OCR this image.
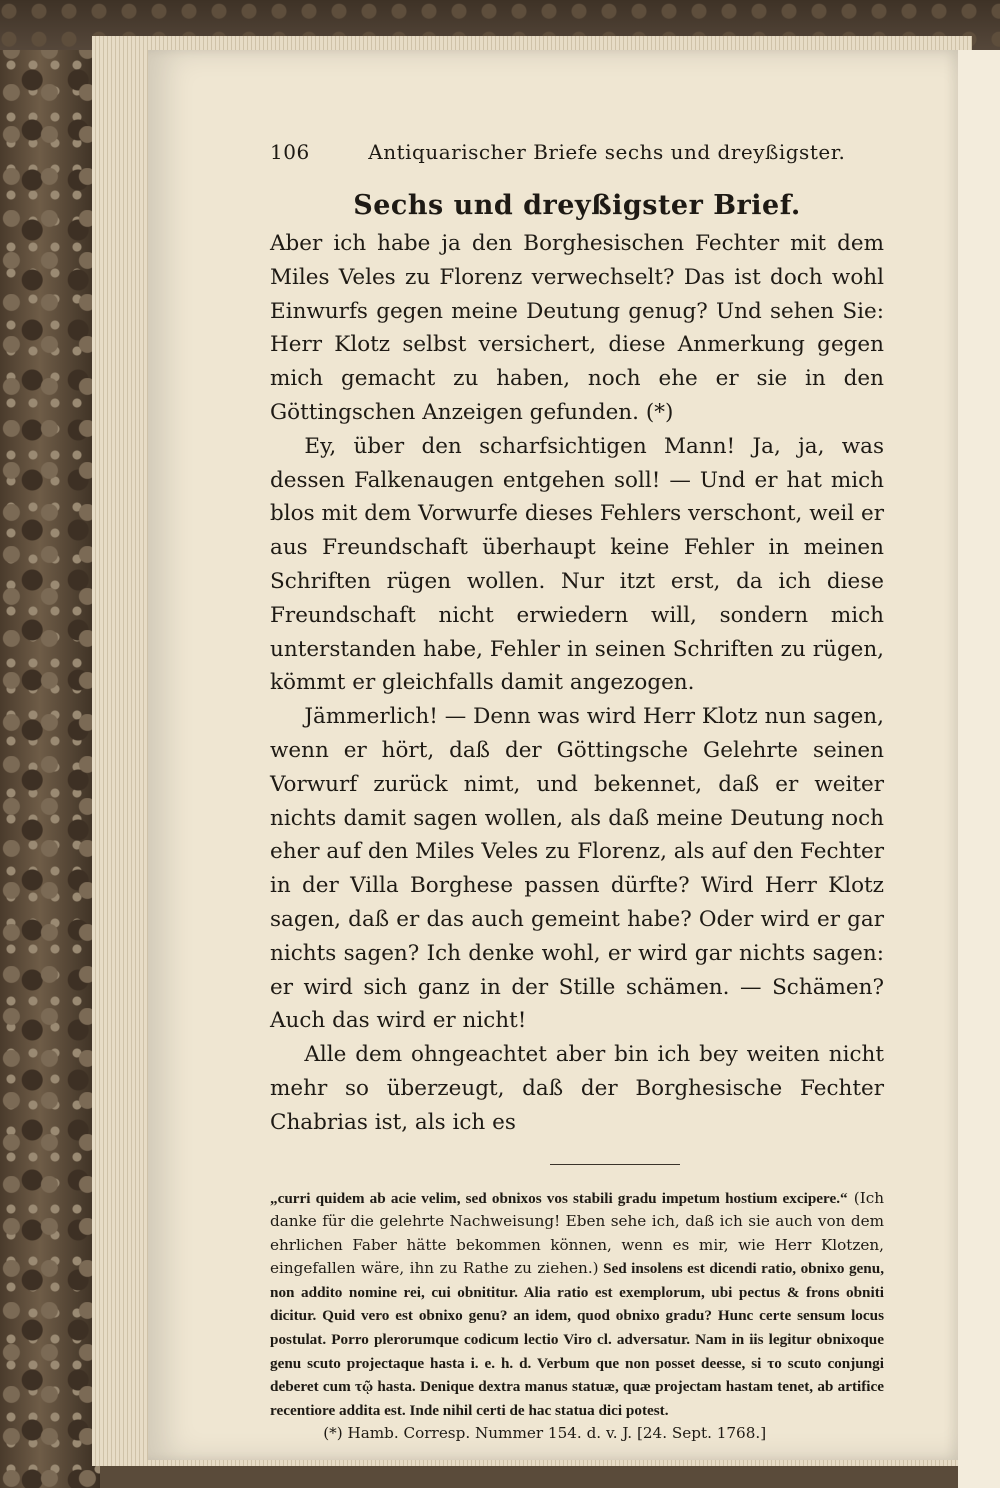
106	Antiquarischer Briefe sechs und dreyßigster.
Sechs und dreyßigster Brief.

Aber ich habe ja den Borghesischen Fechter mit dem Miles Veles zu Florenz verwechselt? Das ist doch wohl Einwurfs gegen meine Deutung genug? Und sehen Sie: Herr Klotz selbst versichert, diese Anmerkung gegen mich gemacht zu haben, noch ehe er sie in den Göttingschen Anzeigen gefunden. (*)

Ey, über den scharfsichtigen Mann! Ja, ja, was dessen Falkenaugen entgehen soll! — Und er hat mich blos mit dem Vorwurfe dieses Fehlers verschont, weil er aus Freundschaft überhaupt keine Fehler in meinen Schriften rügen wollen. Nur itzt erst, da ich diese Freundschaft nicht erwiedern will, sondern mich unterstanden habe, Fehler in seinen Schriften zu rügen, kömmt er gleichfalls damit angezogen.

Jämmerlich! — Denn was wird Herr Klotz nun sagen, wenn er hört, daß der Göttingsche Gelehrte seinen Vorwurf zurück nimt, und bekennet, daß er weiter nichts damit sagen wollen, als daß meine Deutung noch eher auf den Miles Veles zu Florenz, als auf den Fechter in der Villa Borghese passen dürfte? Wird Herr Klotz sagen, daß er das auch gemeint habe? Oder wird er gar nichts sagen? Ich denke wohl, er wird gar nichts sagen: er wird sich ganz in der Stille schämen. — Schämen? Auch das wird er nicht!

Alle dem ohngeachtet aber bin ich bey weiten nicht mehr so überzeugt, daß der Borghesische Fechter Chabrias ist, als ich es

„curri quidem ab acie velim, sed obnixos vos stabili gradu impetum hostium excipere.“ (Ich danke für die gelehrte Nachweisung! Eben sehe ich, daß ich sie auch von dem ehrlichen Faber hätte bekommen können, wenn es mir, wie Herr Klotzen, eingefallen wäre, ihn zu Rathe zu ziehen.) Sed insolens est dicendi ratio, obnixo genu, non addito nomine rei, cui obnititur. Alia ratio est exemplorum, ubi pectus & frons obniti dicitur. Quid vero est obnixo genu? an idem, quod obnixo gradu? Hunc certe sensum locus postulat. Porro plerorumque codicum lectio Viro cl. adversatur. Nam in iis legitur obnixoque genu scuto projectaque hasta i. e. h. d. Verbum que non posset deesse, si το scuto conjungi deberet cum τῷ hasta. Denique dextra manus statuæ, quæ projectam hastam tenet, ab artifice recentiore addita est. Inde nihil certi de hac statua dici potest.

(*) Hamb. Corresp. Nummer 154. d. v. J. [24. Sept. 1768.]
